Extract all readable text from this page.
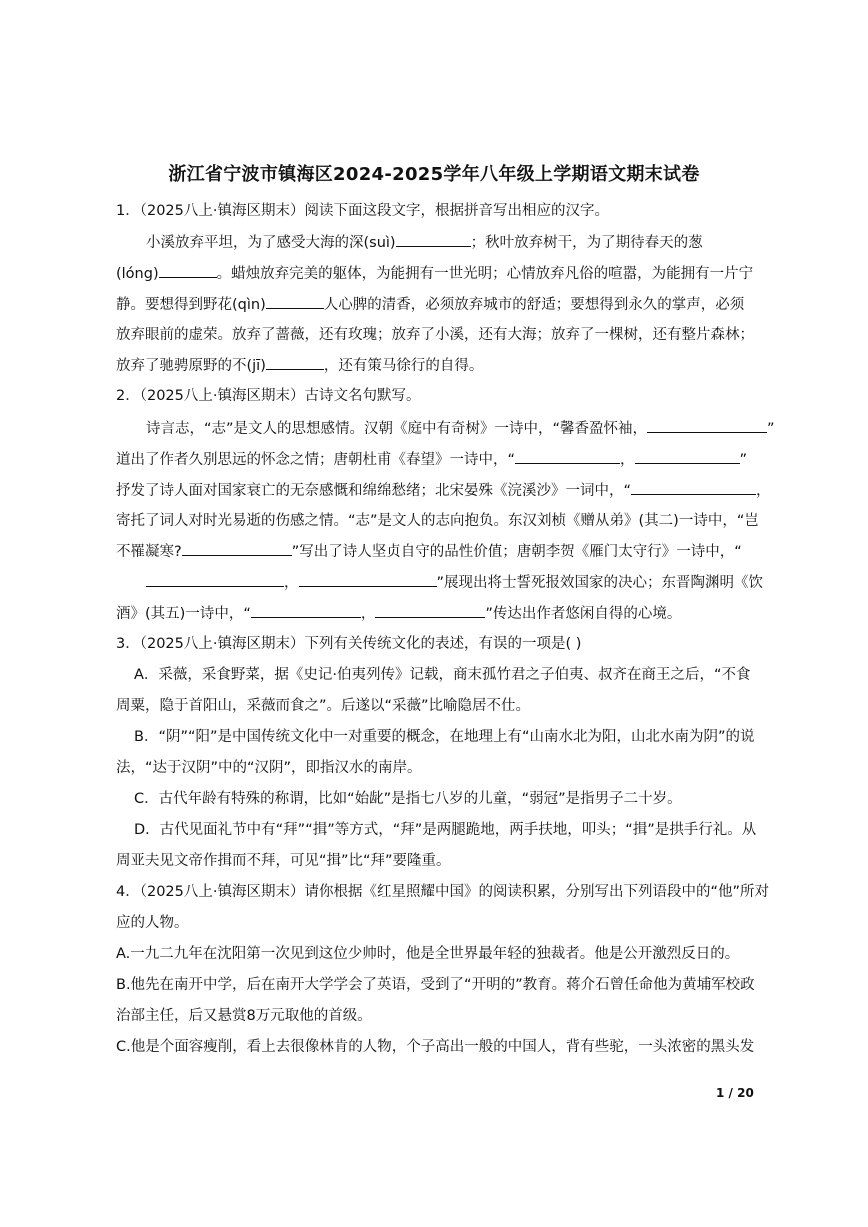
浙江省宁波市镇海区2024-2025学年八年级上学期语文期末试卷
1．（2025八上·镇海区期末）阅读下面这段文字，根据拼音写出相应的汉字。
小溪放弃平坦，为了感受大海的深(suì)	；秋叶放弃树干，为了期待春天的葱
(lóng)	。蜡烛放弃完美的躯体，为能拥有一世光明；心情放弃凡俗的喧嚣，为能拥有一片宁
静。要想得到野花(qìn)	人心脾的清香，必须放弃城市的舒适；要想得到永久的掌声，必须
放弃眼前的虚荣。放弃了蔷薇，还有玫瑰；放弃了小溪，还有大海；放弃了一棵树，还有整片森林；
放弃了驰骋原野的不(jī)	，还有策马徐行的自得。
2．（2025八上·镇海区期末）古诗文名句默写。
诗言志，“志”是文人的思想感情。汉朝《庭中有奇树》一诗中，“馨香盈怀袖，	”
道出了作者久别思远的怀念之情；唐朝杜甫《春望》一诗中，“	，	”
抒发了诗人面对国家衰亡的无奈感慨和绵绵愁绪；北宋晏殊《浣溪沙》一词中，“	，
寄托了词人对时光易逝的伤感之情。“志”是文人的志向抱负。东汉刘桢《赠从弟》(其二)一诗中，“岂
不罹凝寒?	”写出了诗人坚贞自守的品性价值；唐朝李贺《雁门太守行》一诗中，“
，	”展现出将士誓死报效国家的决心；东晋陶渊明《饮
酒》(其五)一诗中，“	，	”传达出作者悠闲自得的心境。
3．（2025八上·镇海区期末）下列有关传统文化的表述，有误的一项是( )
A．采薇，采食野菜，据《史记·伯夷列传》记载，商末孤竹君之子伯夷、叔齐在商王之后，“不食
周粟，隐于首阳山，采薇而食之”。后遂以“采薇”比喻隐居不仕。
B．“阴”“阳”是中国传统文化中一对重要的概念，在地理上有“山南水北为阳，山北水南为阴”的说
法，“达于汉阴”中的“汉阴”，即指汉水的南岸。
C．古代年龄有特殊的称谓，比如“始龀”是指七八岁的儿童，“弱冠”是指男子二十岁。
D．古代见面礼节中有“拜”“揖”等方式，“拜”是两腿跪地，两手扶地，叩头；“揖”是拱手行礼。从
周亚夫见文帝作揖而不拜，可见“揖”比“拜”要隆重。
4．（2025八上·镇海区期末）请你根据《红星照耀中国》的阅读积累，分别写出下列语段中的“他”所对
应的人物。
A.一九二九年在沈阳第一次见到这位少帅时，他是全世界最年轻的独裁者。他是公开激烈反日的。
B.他先在南开中学，后在南开大学学会了英语，受到了“开明的”教育。蒋介石曾任命他为黄埔军校政
治部主任，后又悬赏8万元取他的首级。
C.他是个面容瘦削，看上去很像林肯的人物，个子高出一般的中国人，背有些驼，一头浓密的黑头发
1 / 20
